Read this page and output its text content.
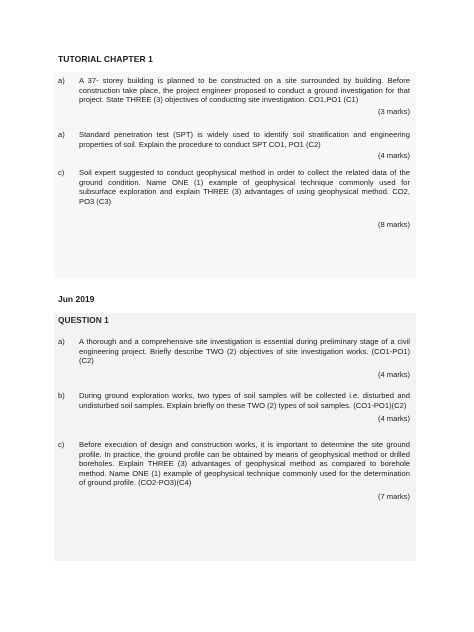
TUTORIAL CHAPTER 1
a)	A 37- storey building is planned to be constructed on a site surrounded by building. Before construction take place, the project engineer proposed to conduct a ground investigation for that project. State THREE (3) objectives of conducting site investigation. CO1,PO1 (C1)
(3 marks)
a)	Standard penetration test (SPT) is widely used to identify soil stratification and engineering properties of soil. Explain the procedure to conduct SPT CO1, PO1 (C2)
(4 marks)
c)	Soil expert suggested to conduct geophysical method in order to collect the related data of the ground condition. Name ONE (1) example of geophysical technique commonly used for subsurface exploration and explain THREE (3) advantages of using geophysical method. CO2, PO3 (C3)
(8 marks)
Jun 2019
QUESTION 1
a)	A thorough and a comprehensive site investigation is essential during preliminary stage of a civil engineering project. Briefly describe TWO (2) objectives of site investigation works. (CO1-PO1)(C2)
(4 marks)
b)	During ground exploration works, two types of soil samples will be collected i.e. disturbed and undisturbed soil samples. Explain briefly on these TWO (2) types of soil samples. (CO1-PO1)(C2)
(4 marks)
c)	Before execution of design and construction works, it is important to determine the site ground profile. In practice, the ground profile can be obtained by means of geophysical method or drilled boreholes. Explain THREE (3) advantages of geophysical method as compared to borehole method. Name ONE (1) example of geophysical technique commonly used for the determination of ground profile. (CO2-PO3)(C4)
(7 marks)
